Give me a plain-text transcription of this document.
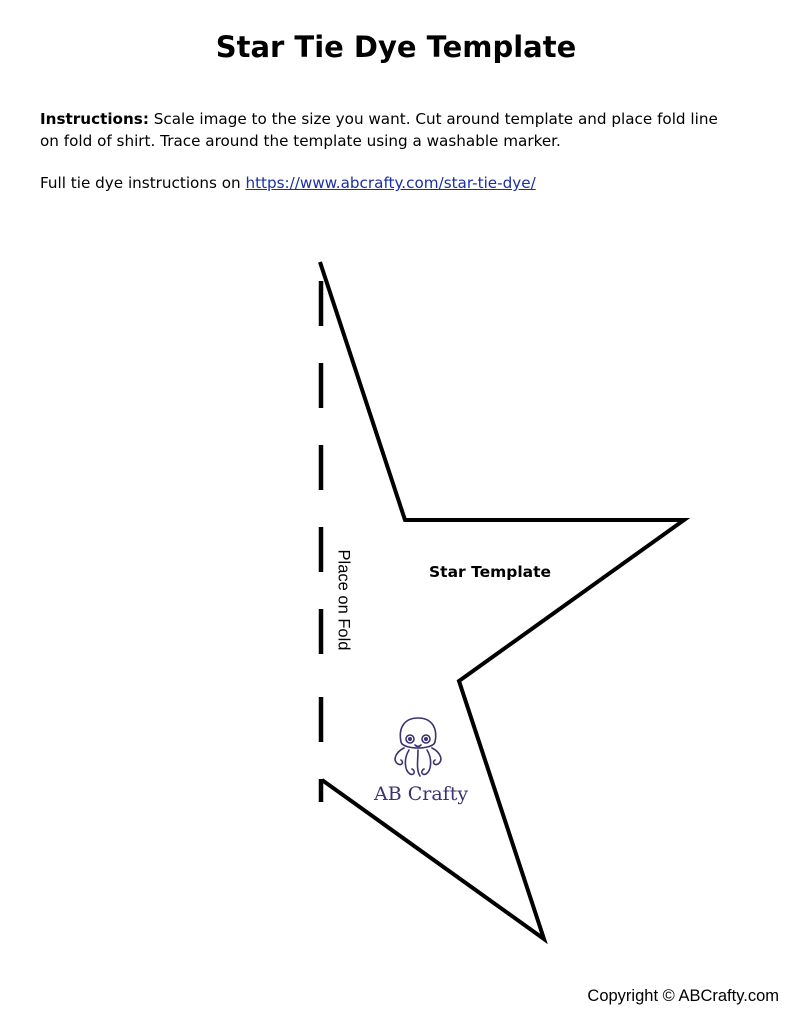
Star Tie Dye Template

Instructions: Scale image to the size you want. Cut around template and place fold line on fold of shirt. Trace around the template using a washable marker.

Full tie dye instructions on https://www.abcrafty.com/star-tie-dye/

Place on Fold	Star Template
AB Crafty
Copyright © ABCrafty.com
